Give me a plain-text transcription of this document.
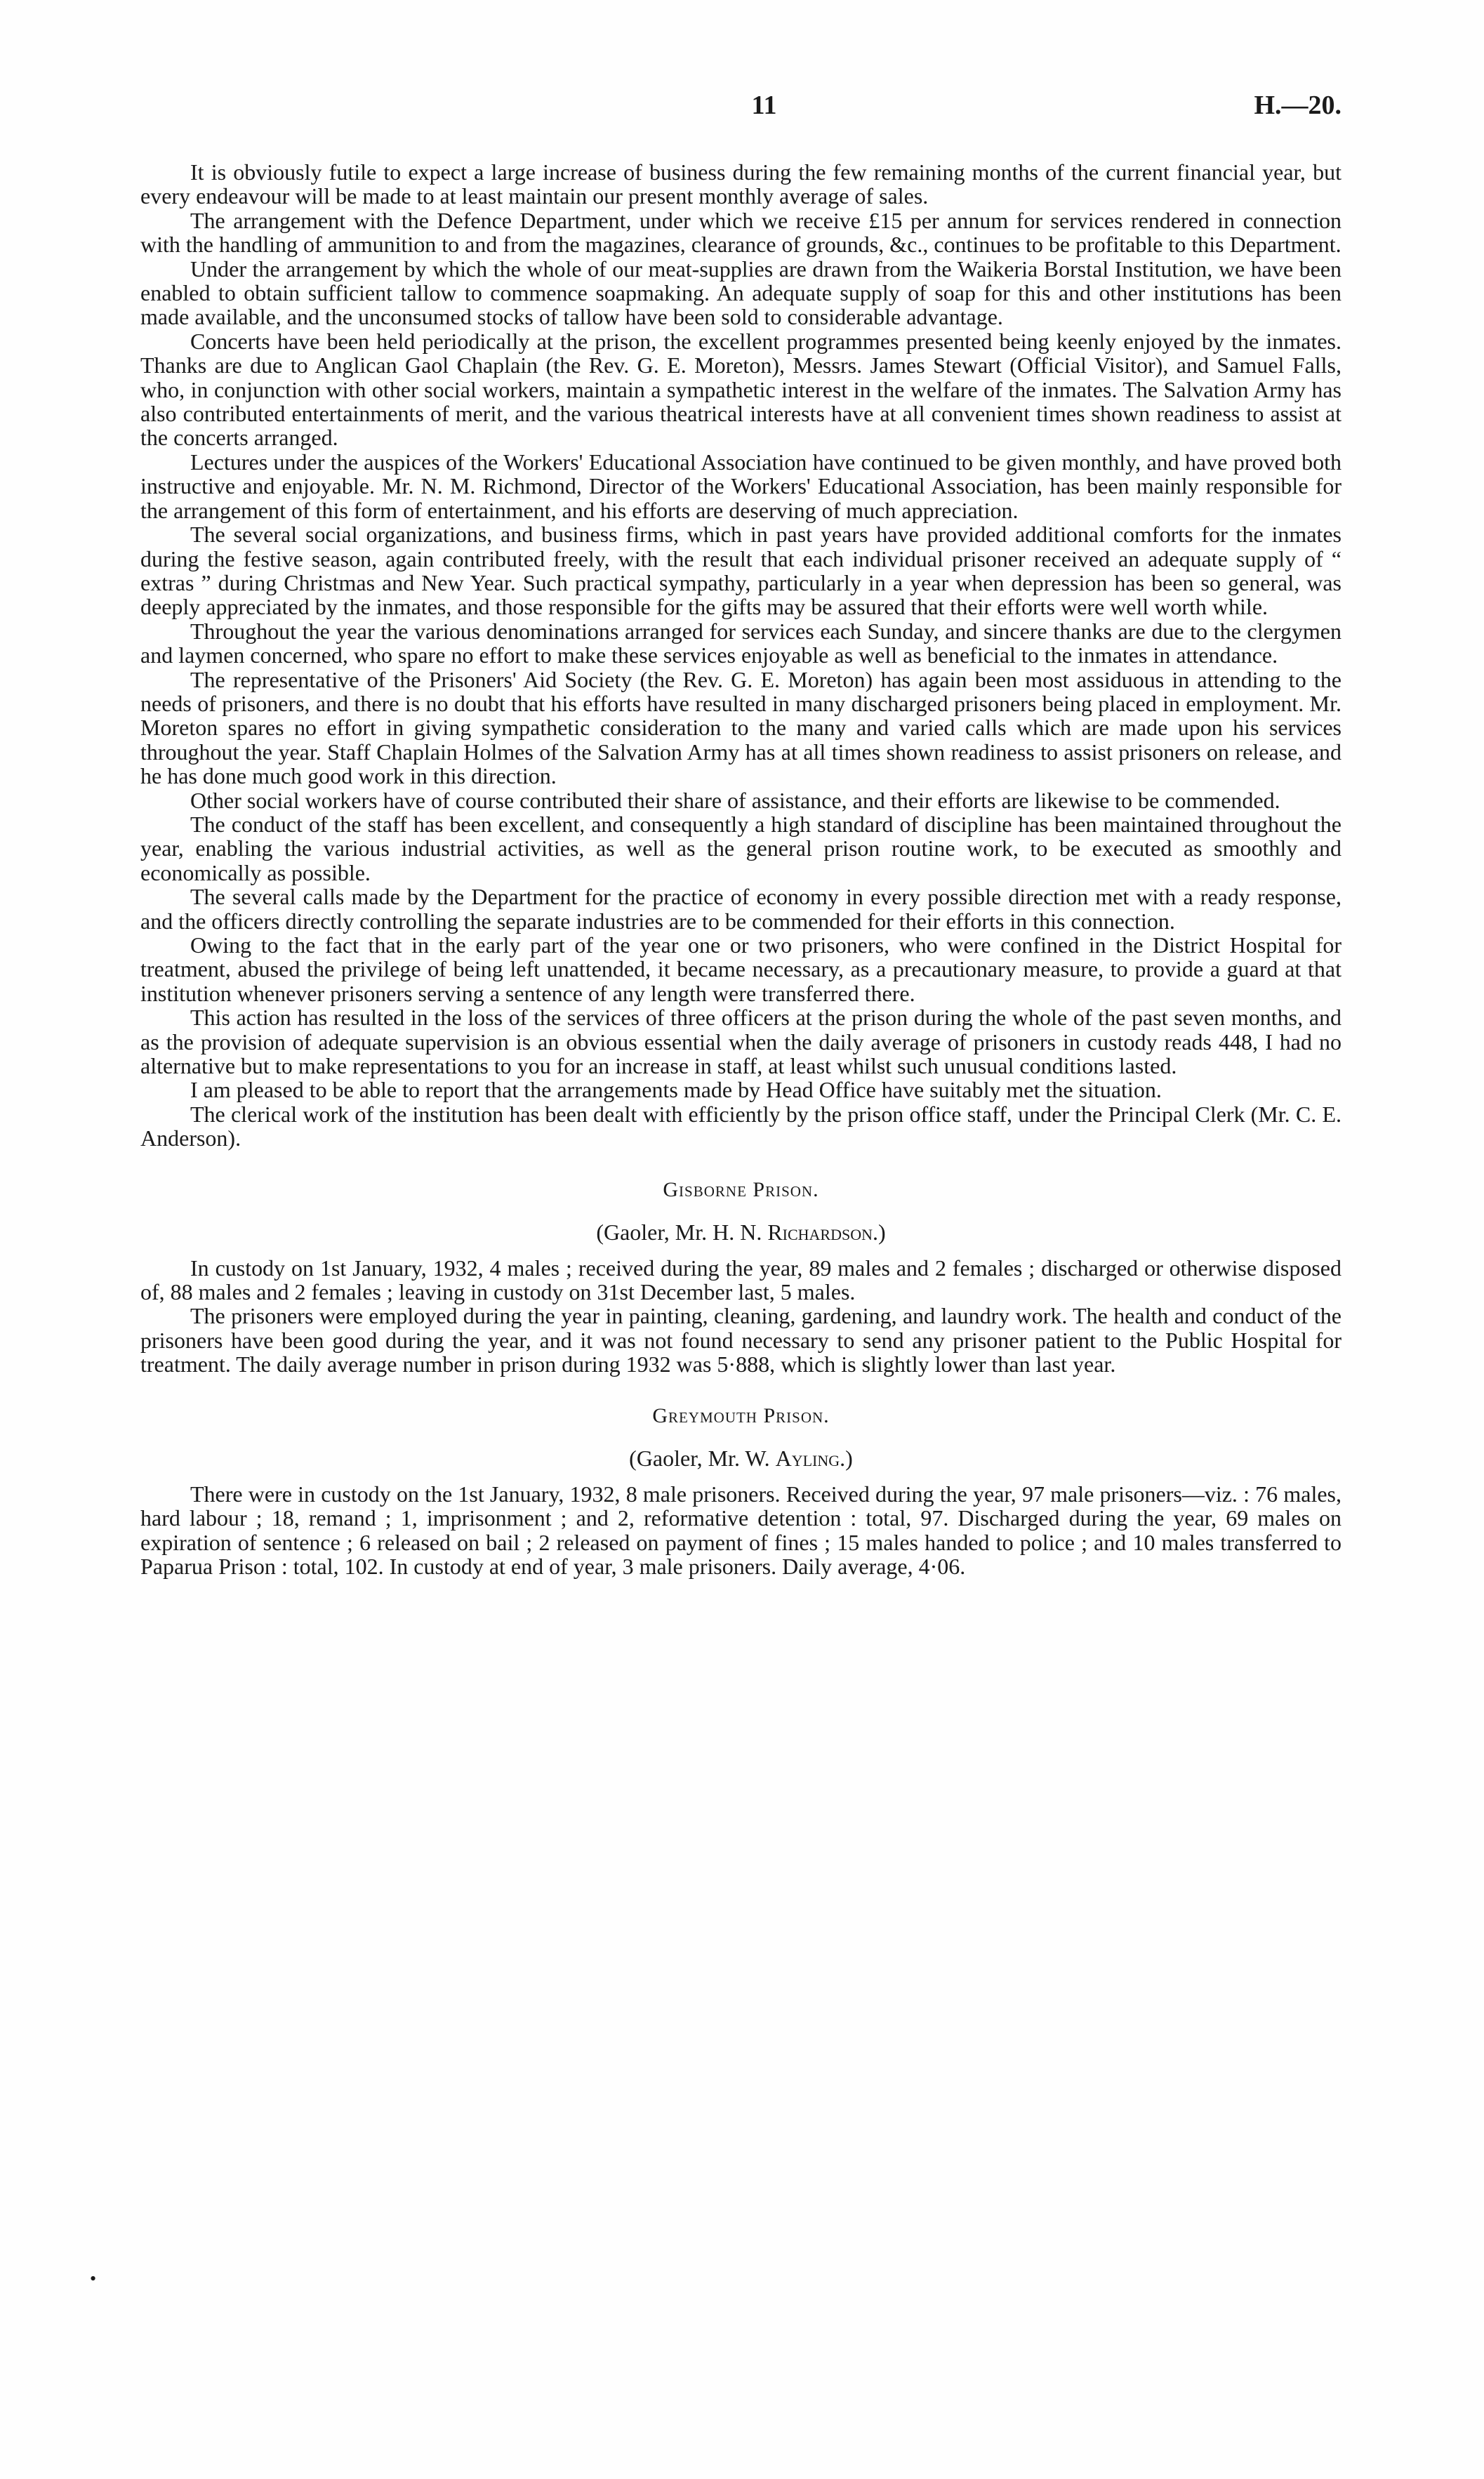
11	H.—20.

It is obviously futile to expect a large increase of business during the few remaining months of the current financial year, but every endeavour will be made to at least maintain our present monthly average of sales.

The arrangement with the Defence Department, under which we receive £15 per annum for services rendered in connection with the handling of ammunition to and from the magazines, clearance of grounds, &c., continues to be profitable to this Department.

Under the arrangement by which the whole of our meat-supplies are drawn from the Waikeria Borstal Institution, we have been enabled to obtain sufficient tallow to commence soapmaking. An adequate supply of soap for this and other institutions has been made available, and the unconsumed stocks of tallow have been sold to considerable advantage.

Concerts have been held periodically at the prison, the excellent programmes presented being keenly enjoyed by the inmates. Thanks are due to Anglican Gaol Chaplain (the Rev. G. E. Moreton), Messrs. James Stewart (Official Visitor), and Samuel Falls, who, in conjunction with other social workers, maintain a sympathetic interest in the welfare of the inmates. The Salvation Army has also contributed entertainments of merit, and the various theatrical interests have at all convenient times shown readiness to assist at the concerts arranged.

Lectures under the auspices of the Workers' Educational Association have continued to be given monthly, and have proved both instructive and enjoyable. Mr. N. M. Richmond, Director of the Workers' Educational Association, has been mainly responsible for the arrangement of this form of entertainment, and his efforts are deserving of much appreciation.

The several social organizations, and business firms, which in past years have provided additional comforts for the inmates during the festive season, again contributed freely, with the result that each individual prisoner received an adequate supply of “ extras ” during Christmas and New Year. Such practical sympathy, particularly in a year when depression has been so general, was deeply appreciated by the inmates, and those responsible for the gifts may be assured that their efforts were well worth while.

Throughout the year the various denominations arranged for services each Sunday, and sincere thanks are due to the clergymen and laymen concerned, who spare no effort to make these services enjoyable as well as beneficial to the inmates in attendance.

The representative of the Prisoners' Aid Society (the Rev. G. E. Moreton) has again been most assiduous in attending to the needs of prisoners, and there is no doubt that his efforts have resulted in many discharged prisoners being placed in employment. Mr. Moreton spares no effort in giving sympathetic consideration to the many and varied calls which are made upon his services throughout the year. Staff Chaplain Holmes of the Salvation Army has at all times shown readiness to assist prisoners on release, and he has done much good work in this direction.

Other social workers have of course contributed their share of assistance, and their efforts are likewise to be commended.

The conduct of the staff has been excellent, and consequently a high standard of discipline has been maintained throughout the year, enabling the various industrial activities, as well as the general prison routine work, to be executed as smoothly and economically as possible.

The several calls made by the Department for the practice of economy in every possible direction met with a ready response, and the officers directly controlling the separate industries are to be commended for their efforts in this connection.

Owing to the fact that in the early part of the year one or two prisoners, who were confined in the District Hospital for treatment, abused the privilege of being left unattended, it became necessary, as a precautionary measure, to provide a guard at that institution whenever prisoners serving a sentence of any length were transferred there.

This action has resulted in the loss of the services of three officers at the prison during the whole of the past seven months, and as the provision of adequate supervision is an obvious essential when the daily average of prisoners in custody reads 448, I had no alternative but to make representations to you for an increase in staff, at least whilst such unusual conditions lasted.

I am pleased to be able to report that the arrangements made by Head Office have suitably met the situation.

The clerical work of the institution has been dealt with efficiently by the prison office staff, under the Principal Clerk (Mr. C. E. Anderson).

Gisborne Prison.
(Gaoler, Mr. H. N. Richardson.)

In custody on 1st January, 1932, 4 males ; received during the year, 89 males and 2 females ; discharged or otherwise disposed of, 88 males and 2 females ; leaving in custody on 31st December last, 5 males.

The prisoners were employed during the year in painting, cleaning, gardening, and laundry work. The health and conduct of the prisoners have been good during the year, and it was not found necessary to send any prisoner patient to the Public Hospital for treatment. The daily average number in prison during 1932 was 5·888, which is slightly lower than last year.

Greymouth Prison.
(Gaoler, Mr. W. Ayling.)

There were in custody on the 1st January, 1932, 8 male prisoners. Received during the year, 97 male prisoners—viz. : 76 males, hard labour ; 18, remand ; 1, imprisonment ; and 2, reformative detention : total, 97. Discharged during the year, 69 males on expiration of sentence ; 6 released on bail ; 2 released on payment of fines ; 15 males handed to police ; and 10 males transferred to Paparua Prison : total, 102. In custody at end of year, 3 male prisoners. Daily average, 4·06.

•
